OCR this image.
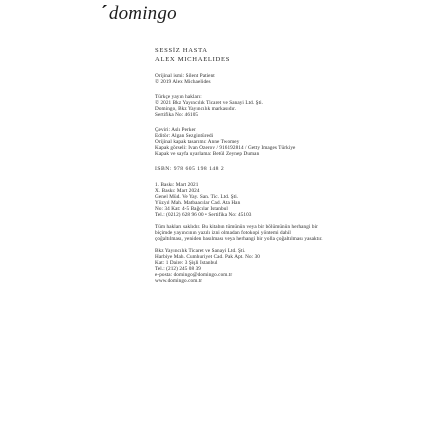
´domingo
SESSİZ HASTA
ALEX MICHAELIDES
Orijinal ismi: Silent Patient
© 2019 Alex Michaelides
Türkçe yayın hakları:
© 2021 Bkz Yayıncılık Ticaret ve Sanayi Ltd. Şti.
Domingo, Bkz Yayıncılık markasıdır.
Sertifika No: 46105
Çeviri: Aslı Perker
Editör: Algan Sezgintüredi
Orijinal kapak tasarımı: Anne Twomey
Kapak görseli: Ivan Ozerov / 916192814 / Getty Images Türkiye
Kapak ve sayfa uyarlama: Betül Zeynep Duman
ISBN: 978 605 198 148 2
1. Baskı: Mart 2021
X. Baskı: Mart 2024
Genel Müd. Ve Yay. San. Tic. Ltd. Şti.
Yüzyıl Mah. Matbaacılar Cad. Ata Han
No: 34 Kat: 4-5 Bağcılar İstanbul
Tel.: (0212) 628 96 00 • Sertifika No: 45103
Tüm hakları saklıdır. Bu kitabın tümünün veya bir bölümünün herhangi bir
biçimde yayıncının yazılı izni olmadan fotokopi yöntemi dahil
çoğaltılması, yeniden basılması veya herhangi bir yolla çoğaltılması yasaktır.
Bkz Yayıncılık Ticaret ve Sanayi Ltd. Şti.
Harbiye Mah. Cumhuriyet Cad. Pak Apt. No: 30
Kat: 1 Daire: 3 Şişli İstanbul
Tel.: (212) 245 08 39
e-posta: domingo@domingo.com.tr
www.domingo.com.tr
